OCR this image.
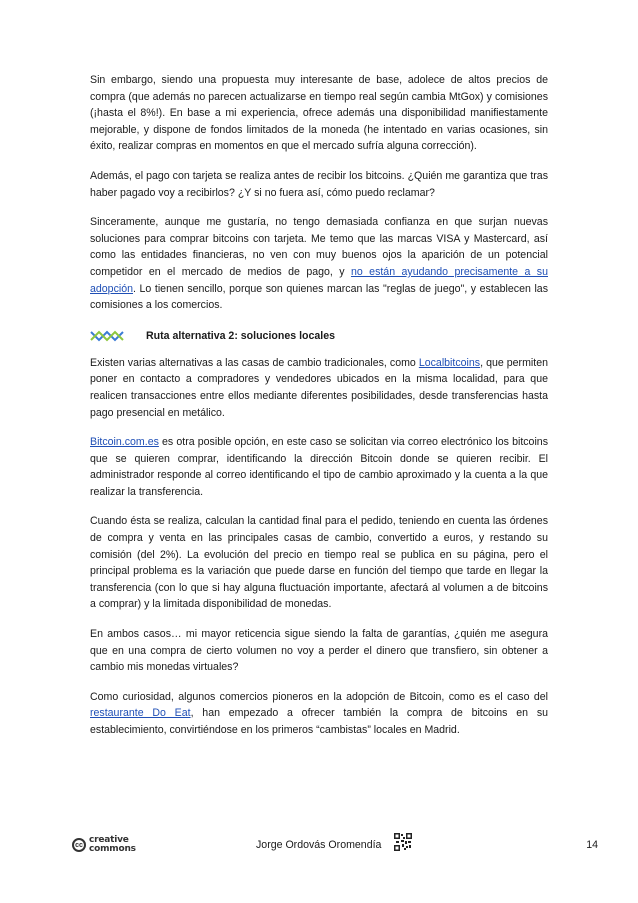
Sin embargo, siendo una propuesta muy interesante de base, adolece de altos precios de compra (que además no parecen actualizarse en tiempo real según cambia MtGox) y comisiones (¡hasta el 8%!). En base a mi experiencia, ofrece además una disponibilidad manifiestamente mejorable, y dispone de fondos limitados de la moneda (he intentado en varias ocasiones, sin éxito, realizar compras en momentos en que el mercado sufría alguna corrección).

Además, el pago con tarjeta se realiza antes de recibir los bitcoins. ¿Quién me garantiza que tras haber pagado voy a recibirlos? ¿Y si no fuera así, cómo puedo reclamar?

Sinceramente, aunque me gustaría, no tengo demasiada confianza en que surjan nuevas soluciones para comprar bitcoins con tarjeta. Me temo que las marcas VISA y Mastercard, así como las entidades financieras, no ven con muy buenos ojos la aparición de un potencial competidor en el mercado de medios de pago, y no están ayudando precisamente a su adopción. Lo tienen sencillo, porque son quienes marcan las "reglas de juego", y establecen las comisiones a los comercios.

Ruta alternativa 2: soluciones locales

Existen varias alternativas a las casas de cambio tradicionales, como Localbitcoins, que permiten poner en contacto a compradores y vendedores ubicados en la misma localidad, para que realicen transacciones entre ellos mediante diferentes posibilidades, desde transferencias hasta pago presencial en metálico.

Bitcoin.com.es es otra posible opción, en este caso se solicitan via correo electrónico los bitcoins que se quieren comprar, identificando la dirección Bitcoin donde se quieren recibir. El administrador responde al correo identificando el tipo de cambio aproximado y la cuenta a la que realizar la transferencia.

Cuando ésta se realiza, calculan la cantidad final para el pedido, teniendo en cuenta las órdenes de compra y venta en las principales casas de cambio, convertido a euros, y restando su comisión (del 2%). La evolución del precio en tiempo real se publica en su página, pero el principal problema es la variación que puede darse en función del tiempo que tarde en llegar la transferencia (con lo que si hay alguna fluctuación importante, afectará al volumen a de bitcoins a comprar) y la limitada disponibilidad de monedas.

En ambos casos… mi mayor reticencia sigue siendo la falta de garantías, ¿quién me asegura que en una compra de cierto volumen no voy a perder el dinero que transfiero, sin obtener a cambio mis monedas virtuales?

Como curiosidad, algunos comercios pioneros en la adopción de Bitcoin, como es el caso del restaurante Do Eat, han empezado a ofrecer también la compra de bitcoins en su establecimiento, convirtiéndose en los primeros “cambistas” locales en Madrid.

cc creative
commons	Jorge Ordovás Oromendía	14
